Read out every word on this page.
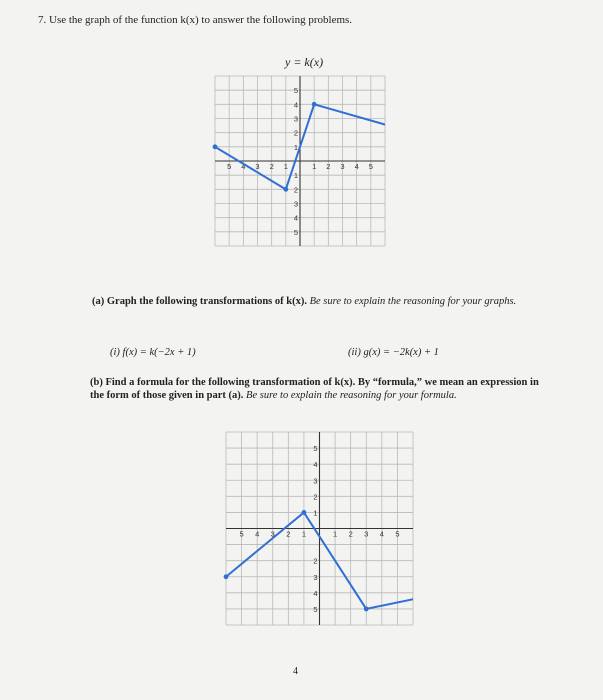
7. Use the graph of the function k(x) to answer the following problems.

y = k(x)

5 4 3 2 1	1 2 3 4 5
5
4
3
2
1
1
2
3
4
5

(a) Graph the following transformations of k(x). Be sure to explain the reasoning for your graphs.

(i) f(x) = k(−2x + 1)	(ii) g(x) = −2k(x) + 1

(b) Find a formula for the following transformation of k(x). By “formula,” we mean an expression in the form of those given in part (a). Be sure to explain the reasoning for your formula.

5 4 3 2 1	1 2 3 4 5
5
4
3
2
1
2
3
4
5

4
